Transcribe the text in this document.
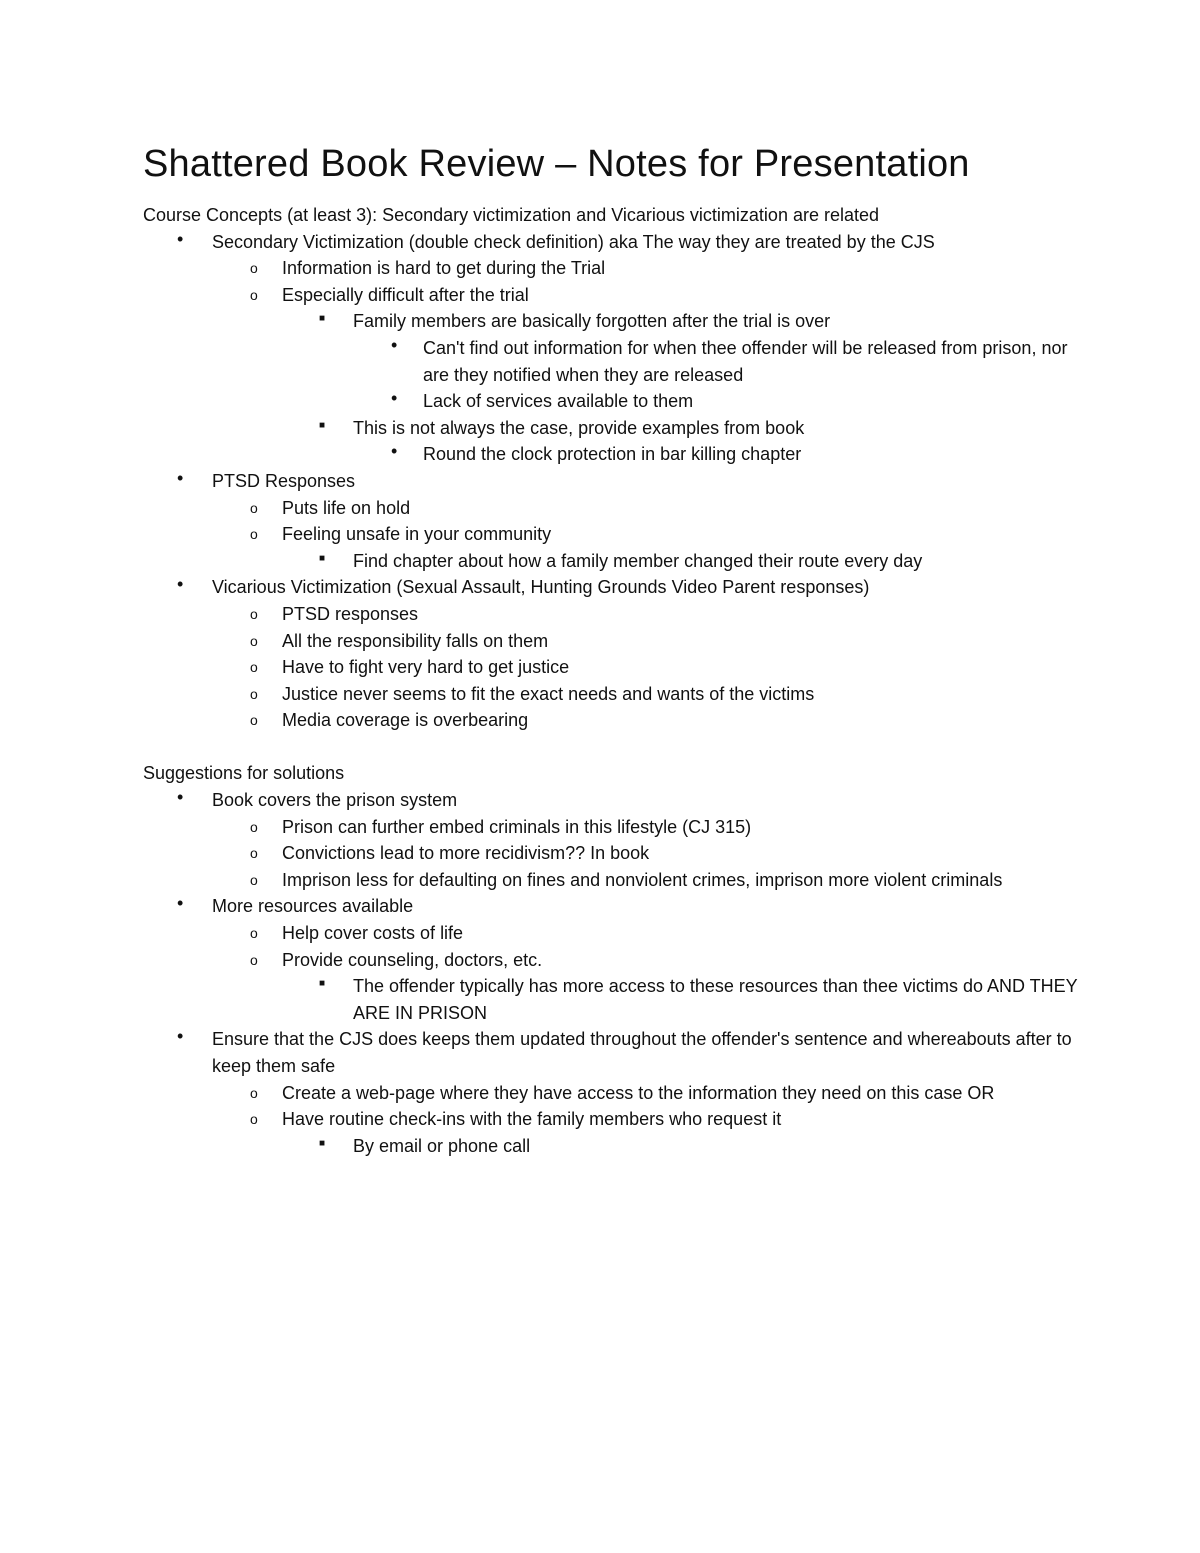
Shattered Book Review – Notes for Presentation
Course Concepts (at least 3): Secondary victimization and Vicarious victimization are related
• Secondary Victimization (double check definition) aka The way they are treated by the CJS
o Information is hard to get during the Trial
o Especially difficult after the trial
■ Family members are basically forgotten after the trial is over
• Can't find out information for when thee offender will be released from prison, nor are they notified when they are released
• Lack of services available to them
■ This is not always the case, provide examples from book
• Round the clock protection in bar killing chapter
• PTSD Responses
o Puts life on hold
o Feeling unsafe in your community
■ Find chapter about how a family member changed their route every day
• Vicarious Victimization (Sexual Assault, Hunting Grounds Video Parent responses)
o PTSD responses
o All the responsibility falls on them
o Have to fight very hard to get justice
o Justice never seems to fit the exact needs and wants of the victims
o Media coverage is overbearing
Suggestions for solutions
• Book covers the prison system
o Prison can further embed criminals in this lifestyle (CJ 315)
o Convictions lead to more recidivism?? In book
o Imprison less for defaulting on fines and nonviolent crimes, imprison more violent criminals
• More resources available
o Help cover costs of life
o Provide counseling, doctors, etc.
■ The offender typically has more access to these resources than thee victims do AND THEY ARE IN PRISON
• Ensure that the CJS does keeps them updated throughout the offender's sentence and whereabouts after to keep them safe
o Create a web-page where they have access to the information they need on this case OR
o Have routine check-ins with the family members who request it
■ By email or phone call
